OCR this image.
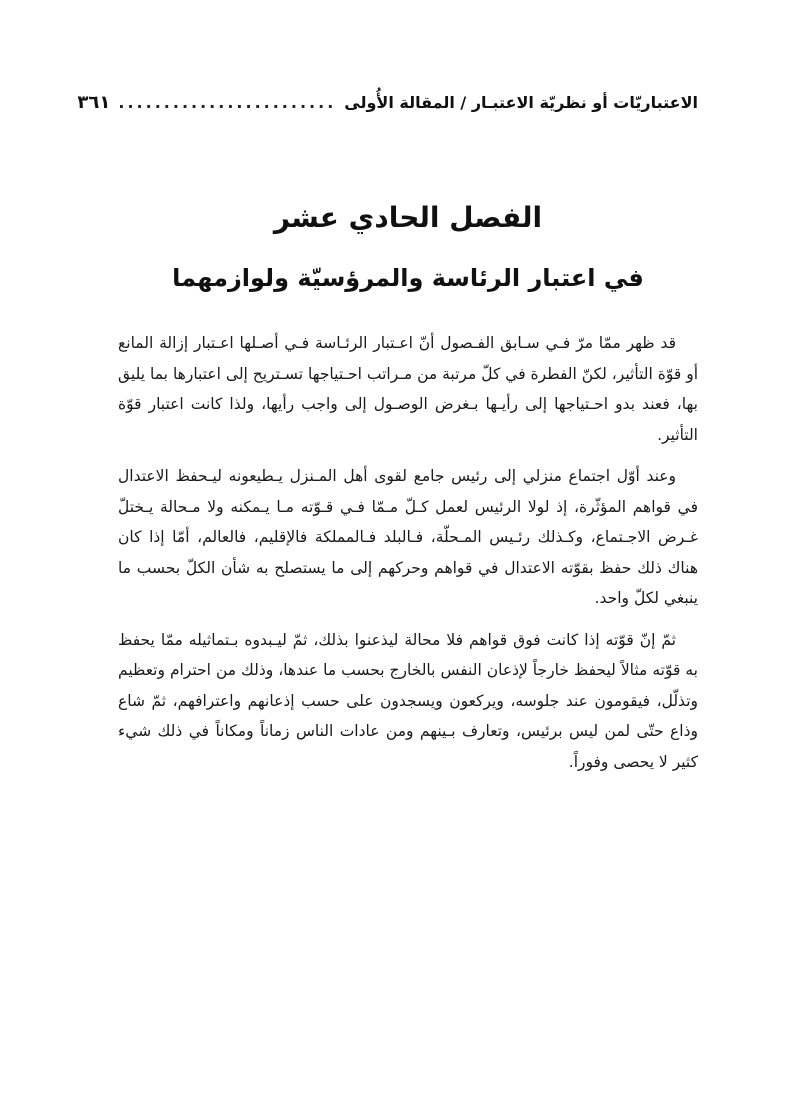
الاعتباريّات أو نظريّة الاعتبـار / المقالة الأُولى
........................
٣٦١
الفصل الحادي عشر
في اعتبار الرئاسة والمرؤسيّة ولوازمهما

قد ظهر ممّا مرّ فـي سـابق الفـصول أنّ اعـتبار الرئـاسة فـي أصـلها اعـتبار إزالة المانع أو قوّة التأثير، لكنّ الفطرة في كلّ مرتبة من مـراتب احـتياجها تسـتريح إلى اعتبارها بما يليق بها، فعند بدو احـتياجها إلى رأيـها بـغرض الوصـول إلى واجب رأيها، ولذا كانت اعتبار قوّة التأثير.

وعند أوّل اجتماع منزلي إلى رئيس جامع لقوى أهل المـنزل يـطيعونه ليـحفظ الاعتدال في قواهم المؤثّرة، إذ لولا الرئيس لعمل كـلّ مـمّا فـي قـوّته مـا يـمكنه ولا مـحالة يـختلّ غـرض الاجـتماع، وكـذلك رئـيس المـحلّة، فـالبلد فـالمملكة فالإقليم، فالعالم، أمّا إذا كان هناك ذلك حفظ بقوّته الاعتدال في قواهم وحركهم إلى ما يستصلح به شأن الكلّ بحسب ما ينبغي لكلّ واحد.

ثمّ إنّ قوّته إذا كانت فوق قواهم فلا محالة ليذعنوا بذلك، ثمّ ليـبدوه بـتماثيله ممّا يحفظ به قوّته مثالاً ليحفظ خارجاً لإذعان النفس بالخارج بحسب ما عندها، وذلك من احترام وتعظيم وتذلّل، فيقومون عند جلوسه، ويركعون ويسجدون على حسب إذعانهم واعترافهم، ثمّ شاع وذاع حتّى لمن ليس برئيس، وتعارف بـينهم ومن عادات الناس زماناً ومكاناً في ذلك شيء كثير لا يحصى وفوراً.
